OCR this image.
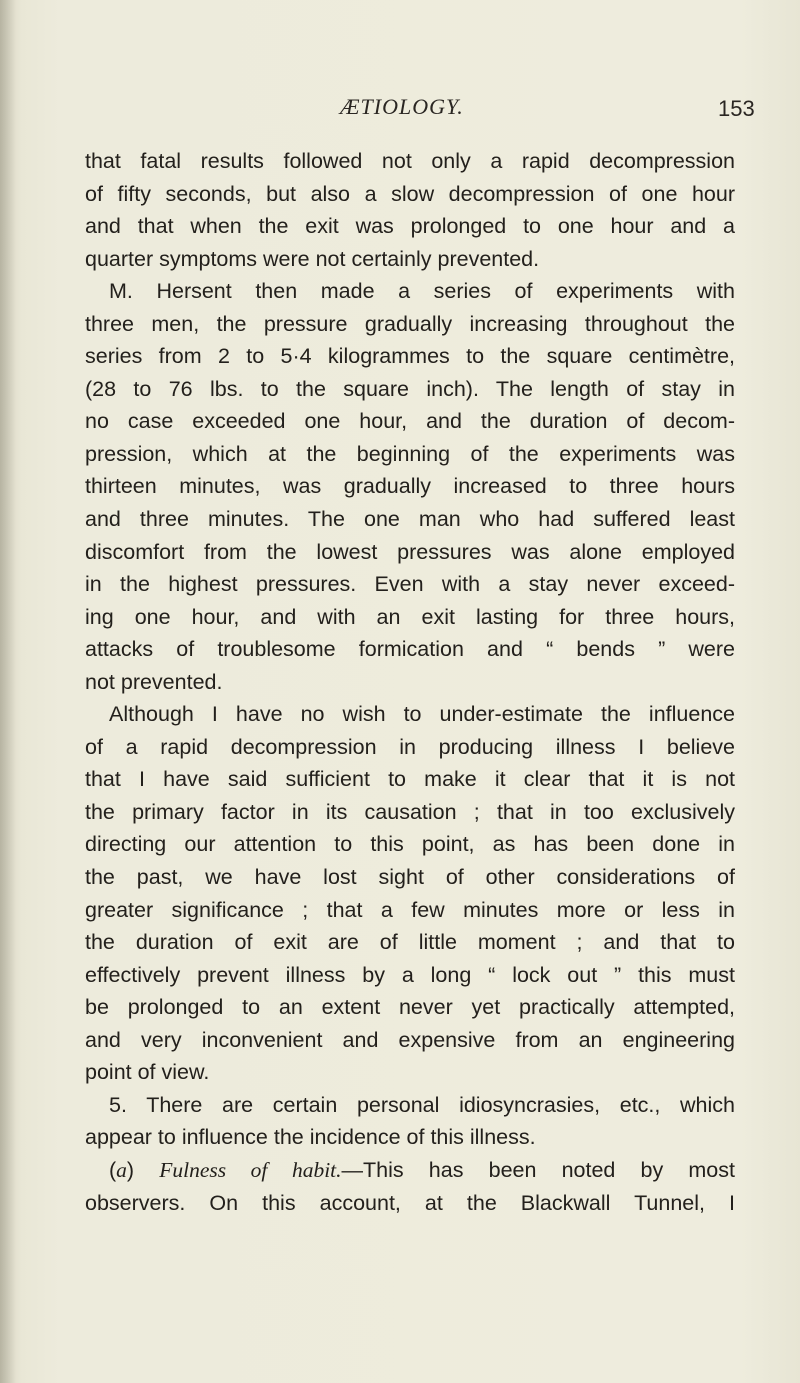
ÆTIOLOGY.	153
that fatal results followed not only a rapid decompression
of fifty seconds, but also a slow decompression of one hour
and that when the exit was prolonged to one hour and a
quarter symptoms were not certainly prevented.
M. Hersent then made a series of experiments with
three men, the pressure gradually increasing throughout the
series from 2 to 5·4 kilogrammes to the square centimètre,
(28 to 76 lbs. to the square inch). The length of stay in
no case exceeded one hour, and the duration of decom-
pression, which at the beginning of the experiments was
thirteen minutes, was gradually increased to three hours
and three minutes. The one man who had suffered least
discomfort from the lowest pressures was alone employed
in the highest pressures. Even with a stay never exceed-
ing one hour, and with an exit lasting for three hours,
attacks of troublesome formication and “ bends ” were
not prevented.
Although I have no wish to under-estimate the influence
of a rapid decompression in producing illness I believe
that I have said sufficient to make it clear that it is not
the primary factor in its causation ; that in too exclusively
directing our attention to this point, as has been done in
the past, we have lost sight of other considerations of
greater significance ; that a few minutes more or less in
the duration of exit are of little moment ; and that to
effectively prevent illness by a long “ lock out ” this must
be prolonged to an extent never yet practically attempted,
and very inconvenient and expensive from an engineering
point of view.
5. There are certain personal idiosyncrasies, etc., which
appear to influence the incidence of this illness.
(a) Fulness of habit.—This has been noted by most
observers. On this account, at the Blackwall Tunnel, I
